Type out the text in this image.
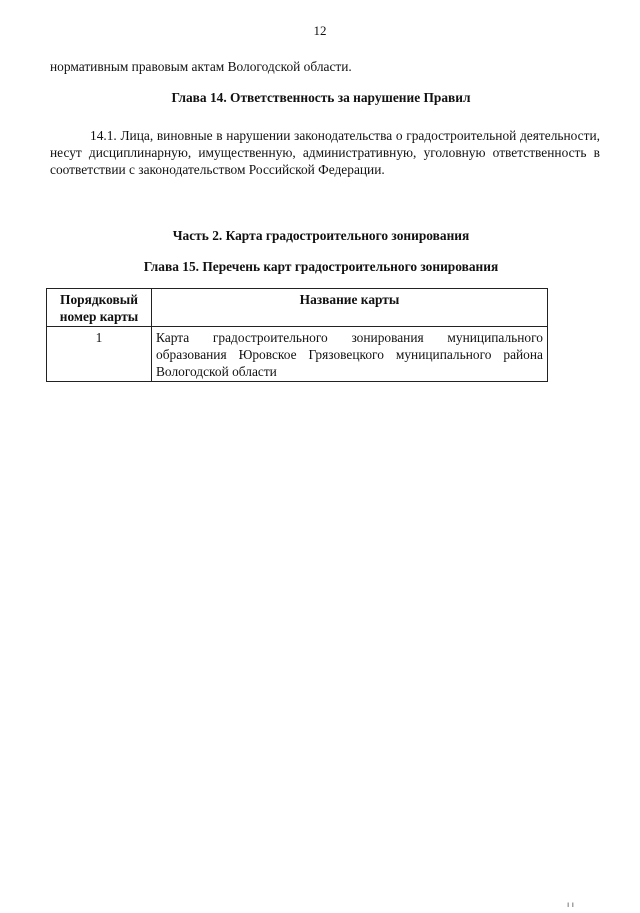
12
нормативным правовым актам Вологодской области.
Глава 14. Ответственность за нарушение Правил
14.1. Лица, виновные в нарушении законодательства о градостроительной деятельности, несут дисциплинарную, имущественную, административную, уголовную ответственность в соответствии с законодательством Российской Федерации.
Часть 2. Карта градостроительного зонирования
Глава 15. Перечень карт градостроительного зонирования
Порядковый номер карты	Название карты
1	Карта градостроительного зонирования муниципального образования Юровское Грязовецкого муниципального района Вологодской области
ı ı
